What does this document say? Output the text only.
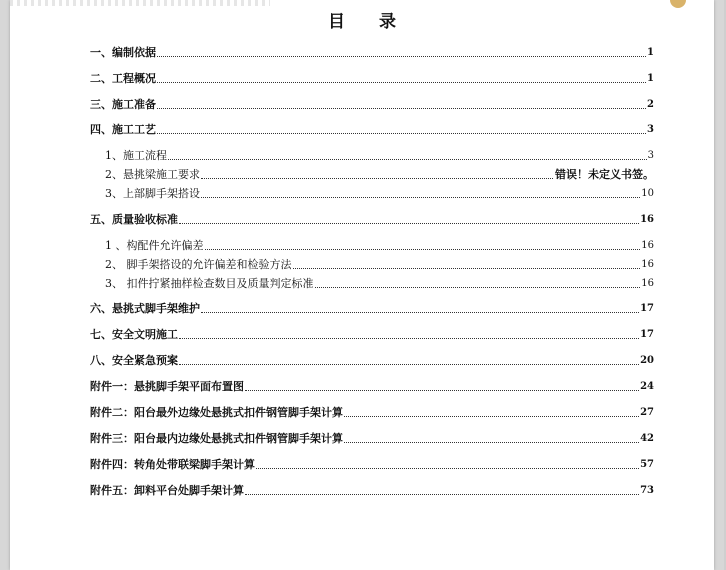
目 录
一、编制依据	1
二、工程概况	1
三、施工准备	2
四、施工工艺	3
1、施工流程	3
2、悬挑梁施工要求	错误！未定义书签。
3、上部脚手架搭设	10
五、质量验收标准	16
1 、构配件允许偏差	16
2、 脚手架搭设的允许偏差和检验方法	16
3、 扣件拧紧抽样检查数目及质量判定标准	16
六、悬挑式脚手架维护	17
七、安全文明施工	17
八、安全紧急预案	20
附件一：悬挑脚手架平面布置图	24
附件二：阳台最外边缘处悬挑式扣件钢管脚手架计算	27
附件三：阳台最内边缘处悬挑式扣件钢管脚手架计算	42
附件四：转角处带联梁脚手架计算	57
附件五：卸料平台处脚手架计算	73
